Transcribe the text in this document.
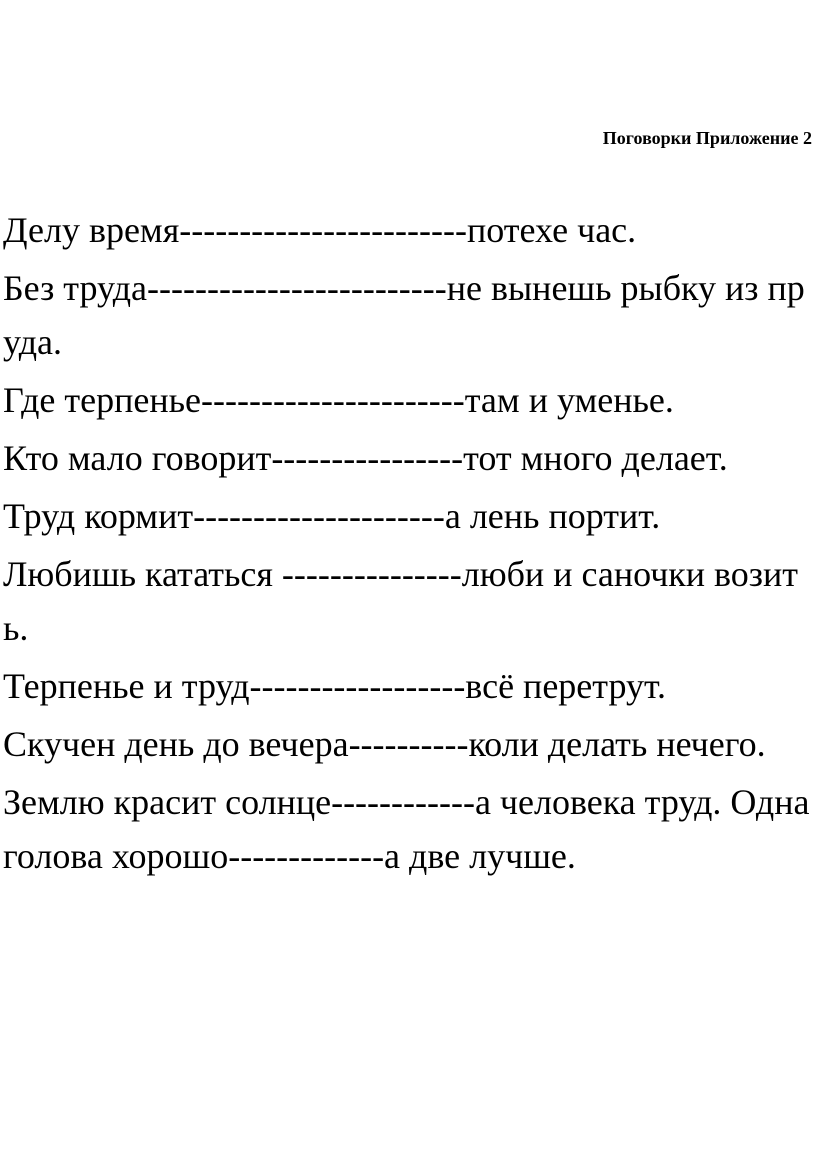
Поговорки Приложение 2
Делу время------------------------потехе час.
Без труда-------------------------не вынешь рыбку из пруда.
Где терпенье----------------------там и уменье.
Кто мало говорит----------------тот много делает.
Труд кормит---------------------а лень портит.
Любишь кататься ---------------люби и саночки возить.
Терпенье и труд------------------всё перетрут.
Скучен день до вечера----------коли делать нечего.
Землю красит солнце------------а человека труд. Одна голова хорошо-------------а две лучше.
